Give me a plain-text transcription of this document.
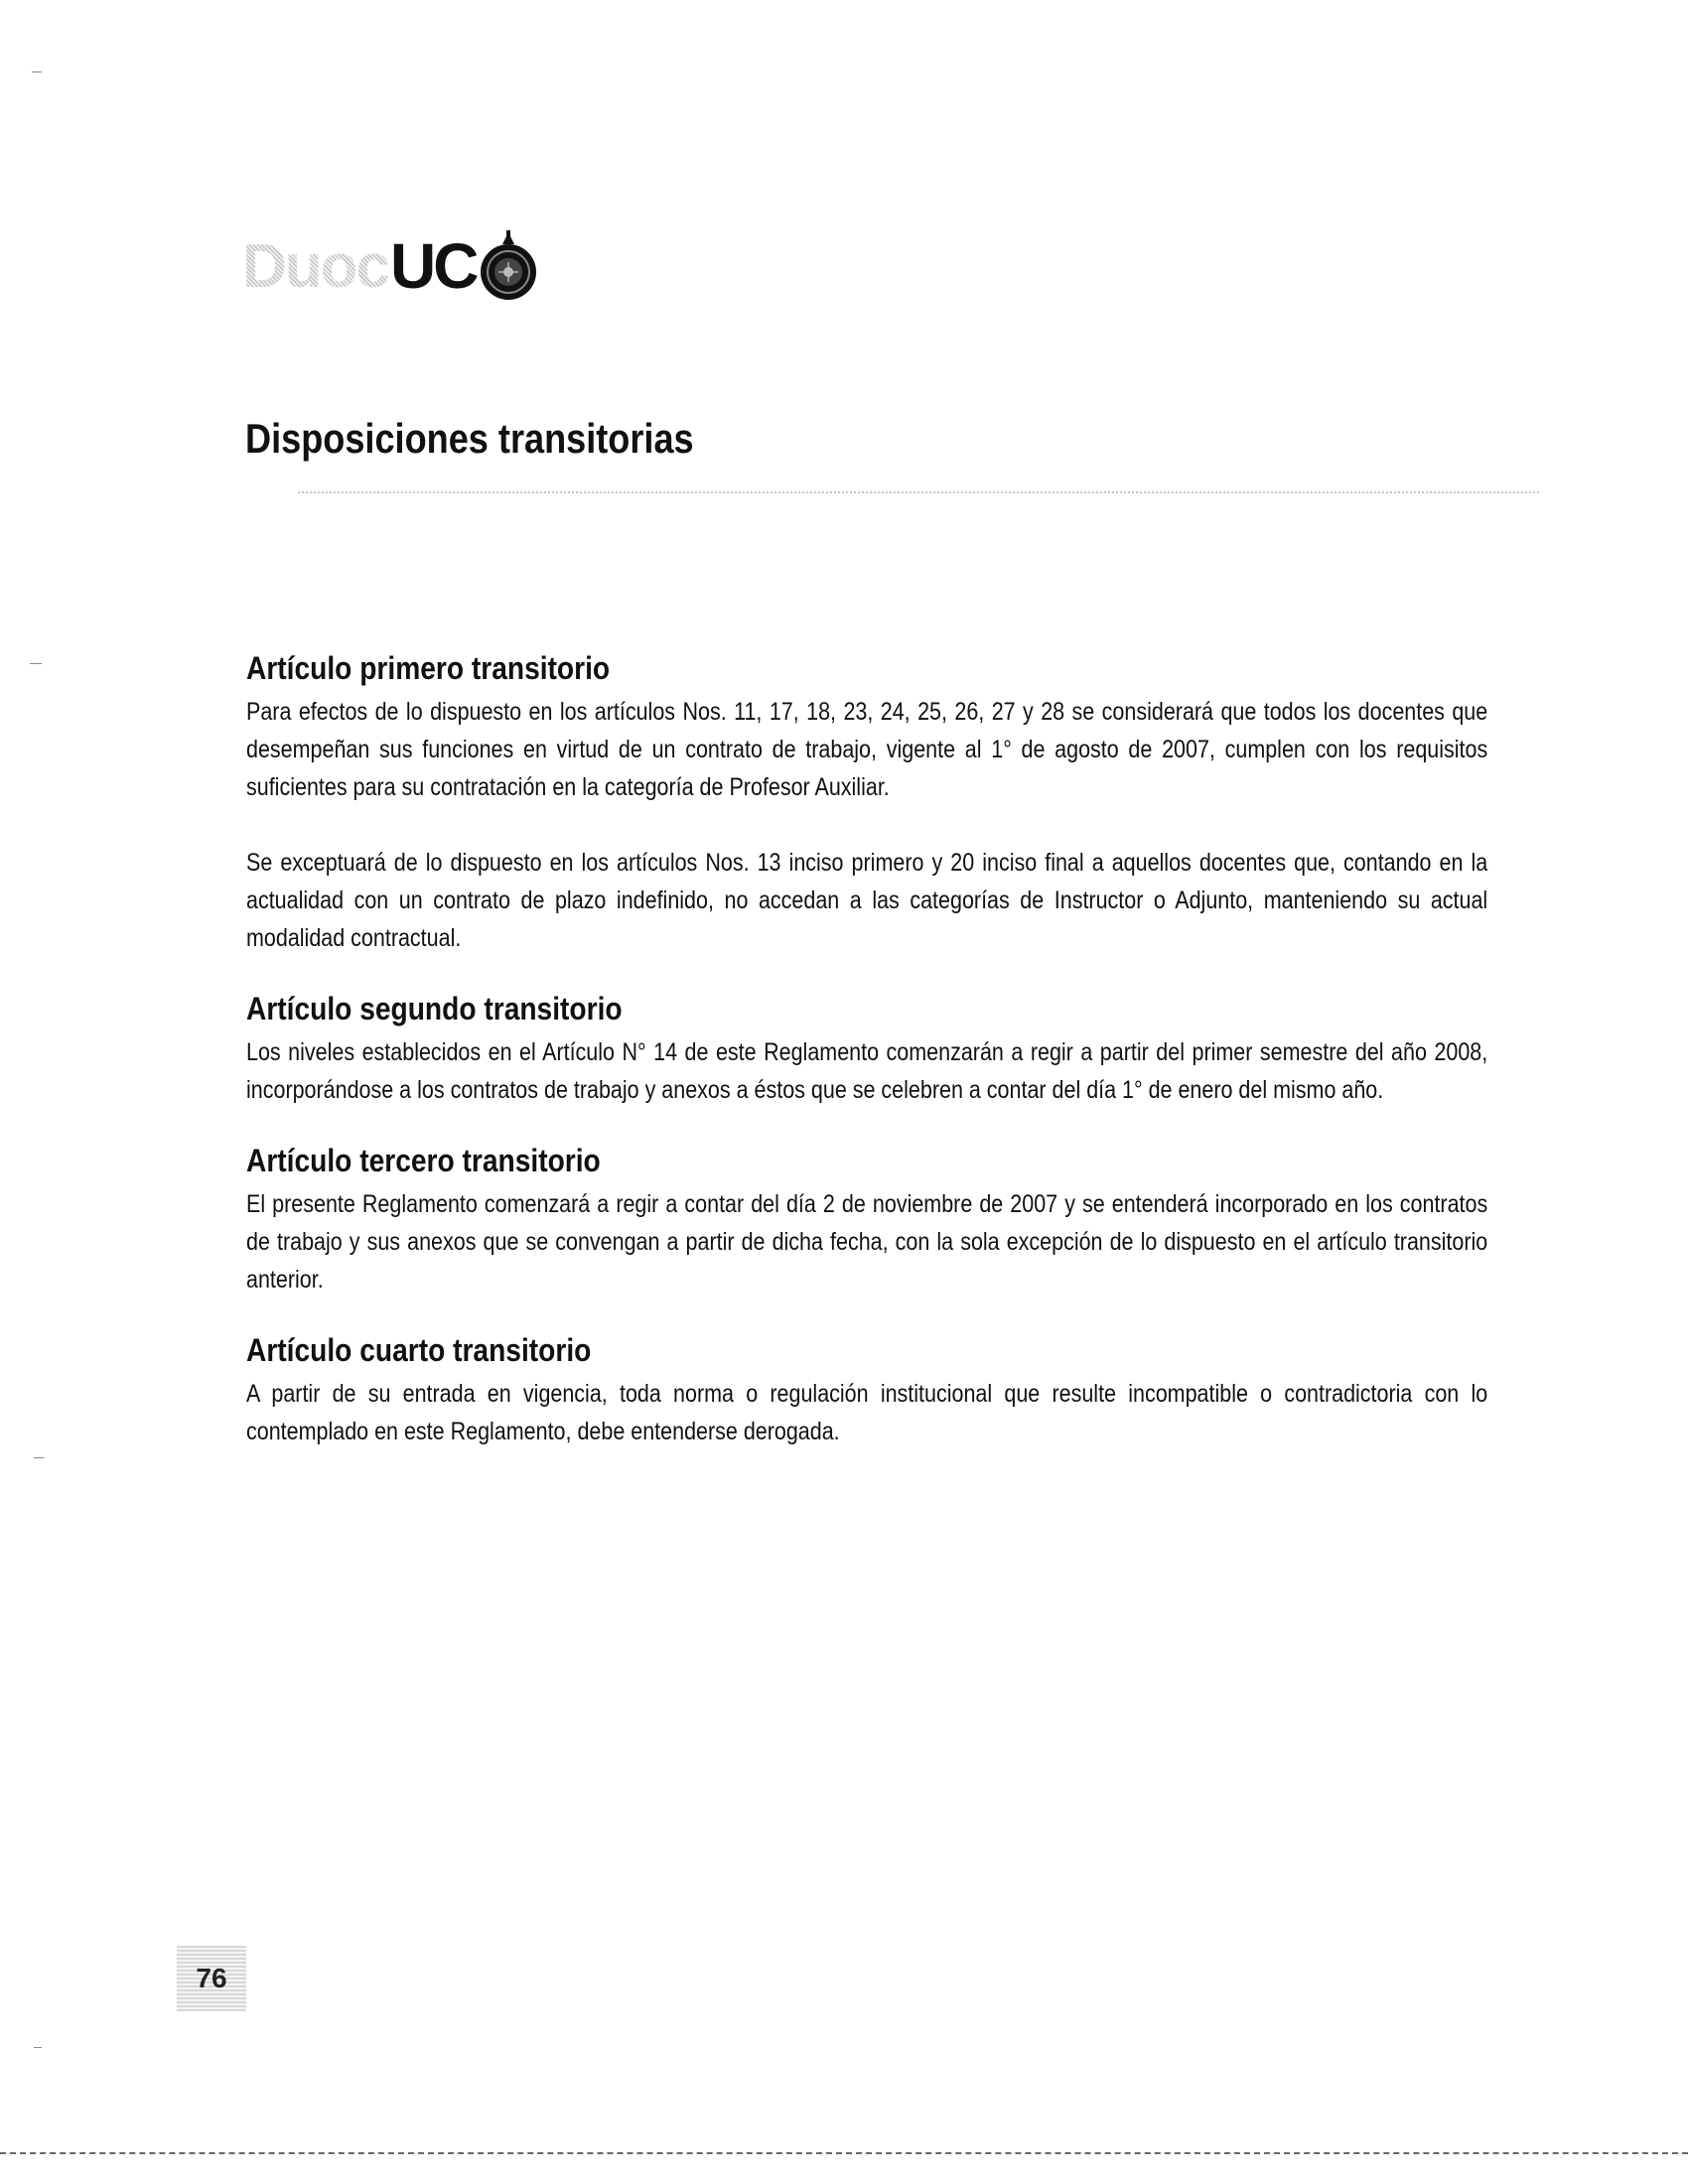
Duoc UC
Disposiciones transitorias
Artículo primero transitorio

Para efectos de lo dispuesto en los artículos Nos. 11, 17, 18, 23, 24, 25, 26, 27 y 28 se considerará que todos los docentes que desempeñan sus funciones en virtud de un contrato de trabajo, vigente al 1° de agosto de 2007, cumplen con los requisitos suficientes para su contratación en la categoría de Profesor Auxiliar.

Se exceptuará de lo dispuesto en los artículos Nos. 13 inciso primero y 20 inciso final a aquellos docentes que, contando en la actualidad con un contrato de plazo indefinido, no accedan a las categorías de Instructor o Adjunto, manteniendo su actual modalidad contractual.

Artículo segundo transitorio

Los niveles establecidos en el Artículo N° 14 de este Reglamento comenzarán a regir a partir del primer semestre del año 2008, incorporándose a los contratos de trabajo y anexos a éstos que se celebren a contar del día 1° de enero del mismo año.

Artículo tercero transitorio

El presente Reglamento comenzará a regir a contar del día 2 de noviembre de 2007 y se entenderá incorporado en los contratos de trabajo y sus anexos que se convengan a partir de dicha fecha, con la sola excepción de lo dispuesto en el artículo transitorio anterior.

Artículo cuarto transitorio

A partir de su entrada en vigencia, toda norma o regulación institucional que resulte incompatible o contradictoria con lo contemplado en este Reglamento, debe entenderse derogada.

76
